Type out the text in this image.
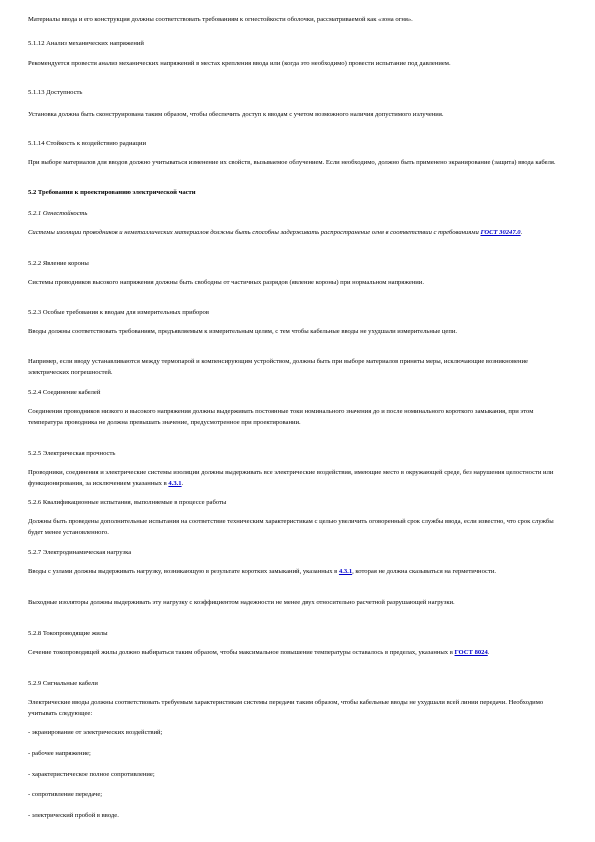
Материалы ввода и его конструкция должны соответствовать требованиям к огнестойкости оболочки, рассматриваемой как «зона огня».
5.1.12 Анализ механических напряжений
Рекомендуется провести анализ механических напряжений в местах крепления ввода или (когда это необходимо) провести испытание под давлением.
5.1.13 Доступность
Установка должна быть сконструирована таким образом, чтобы обеспечить доступ к вводам с учетом возможного наличия допустимого излучения.
5.1.14 Стойкость к воздействию радиации
При выборе материалов для вводов должно учитываться изменение их свойств, вызываемое облучением. Если необходимо, должно быть применено экранирование (защита) ввода кабеля.
5.2 Требования к проектированию электрической части
5.2.1 Огнестойкость
Системы изоляции проводников и неметаллических материалов должны быть способны задерживать распространение огня в соответствии с требованиями ГОСТ 30247.0.
5.2.2 Явление короны
Системы проводников высокого напряжения должны быть свободны от частичных разрядов (явление короны) при нормальном напряжении.
5.2.3 Особые требования к вводам для измерительных приборов
Вводы должны соответствовать требованиям, предъявляемым к измерительным целям, с тем чтобы кабельные вводы не ухудшали измерительные цепи.
Например, если вводу устанавливаются между термопарой и компенсирующим устройством, должны быть при выборе материалов приняты меры, исключающие возникновение электрических погрешностей.
5.2.4 Соединение кабелей
Соединения проводников низкого и высокого напряжения должны выдерживать постоянные токи номинального значения до и после номинального короткого замыкания, при этом температура проводника не должна превышать значение, предусмотренное при проектировании.
5.2.5 Электрическая прочность
Проводники, соединения и электрические системы изоляции должны выдерживать все электрические воздействия, имеющие место в окружающей среде, без нарушения целостности или функционирования, за исключением указанных в 4.3.1.
5.2.6 Квалификационные испытания, выполняемые в процессе работы
Должны быть проведены дополнительные испытания на соответствие техническим характеристикам с целью увеличить оговоренный срок службы ввода, если известно, что срок службы будет менее установленного.
5.2.7 Электродинамическая нагрузка
Вводы с узлами должны выдерживать нагрузку, возникающую в результате коротких замыканий, указанных в 4.3.1, которая не должна сказываться на герметичности.
Выходные изоляторы должны выдерживать эту нагрузку с коэффициентом надежности не менее двух относительно расчетной разрушающей нагрузки.
5.2.8 Токопроводящие жилы
Сечение токопроводящей жилы должно выбираться таким образом, чтобы максимальное повышение температуры оставалось в пределах, указанных в ГОСТ 8024.
5.2.9 Сигнальные кабели
Электрические вводы должны соответствовать требуемым характеристикам системы передачи таким образом, чтобы кабельные вводы не ухудшали всей линии передачи. Необходимо учитывать следующее:
- экранирование от электрических воздействий;
- рабочее напряжение;
- характеристическое полное сопротивление;
- сопротивление передаче;
- электрический пробой в вводе.
